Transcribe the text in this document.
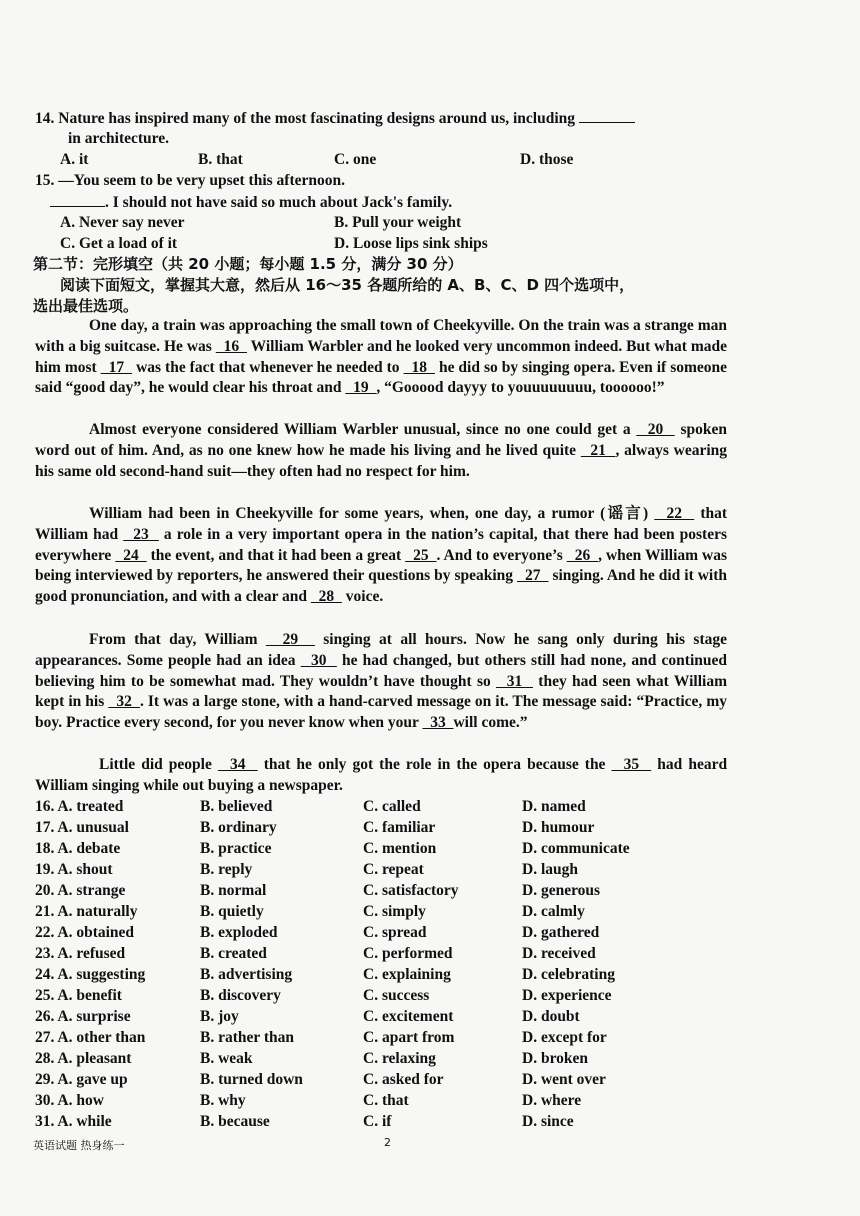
14. Nature has inspired many of the most fascinating designs around us, including
in architecture.
A. it	B. that	C. one	D. those
15. —You seem to be very upset this afternoon.
. I should not have said so much about Jack's family.
A. Never say never	B. Pull your weight
C. Get a load of it	D. Loose lips sink ships
第二节：完形填空（共 20 小题；每小题 1.5 分，满分 30 分）
阅读下面短文，掌握其大意，然后从 16～35 各题所给的 A、B、C、D 四个选项中，
选出最佳选项。
One day, a train was approaching the small town of Cheekyville. On the train was a strange man with a big suitcase. He was   16   William Warbler and he looked very uncommon indeed. But what made him most   17   was the fact that whenever he needed to   18   he did so by singing opera. Even if someone said “good day”, he would clear his throat and   19  , “Gooood dayyy to youuuuuuuu, toooooo!”
Almost everyone considered William Warbler unusual, since no one could get a   20   spoken word out of him. And, as no one knew how he made his living and he lived quite   21  , always wearing his same old second-hand suit—they often had no respect for him.
William had been in Cheekyville for some years, when, one day, a rumor (谣言)   22   that William had   23   a role in a very important opera in the nation’s capital, that there had been posters everywhere   24   the event, and that it had been a great   25  . And to everyone’s   26  , when William was being interviewed by reporters, he answered their questions by speaking   27   singing. And he did it with good pronunciation, and with a clear and   28   voice.
From that day, William   29   singing at all hours. Now he sang only during his stage appearances. Some people had an idea   30   he had changed, but others still had none, and continued believing him to be somewhat mad. They wouldn’t have thought so   31   they had seen what William kept in his   32  . It was a large stone, with a hand-carved message on it. The message said: “Practice, my boy. Practice every second, for you never know when your   33  will come.”
Little did people   34   that he only got the role in the opera because the   35   had heard William singing while out buying a newspaper.
16. A. treated	B. believed	C. called	D. named
17. A. unusual	B. ordinary	C. familiar	D. humour
18. A. debate	B. practice	C. mention	D. communicate
19. A. shout	B. reply	C. repeat	D. laugh
20. A. strange	B. normal	C. satisfactory	D. generous
21. A. naturally	B. quietly	C. simply	D. calmly
22. A. obtained	B. exploded	C. spread	D. gathered
23. A. refused	B. created	C. performed	D. received
24. A. suggesting	B. advertising	C. explaining	D. celebrating
25. A. benefit	B. discovery	C. success	D. experience
26. A. surprise	B. joy	C. excitement	D. doubt
27. A. other than	B. rather than	C. apart from	D. except for
28. A. pleasant	B. weak	C. relaxing	D. broken
29. A. gave up	B. turned down	C. asked for	D. went over
30. A. how	B. why	C. that	D. where
31. A. while	B. because	C. if	D. since
英语试题 热身练一	2
